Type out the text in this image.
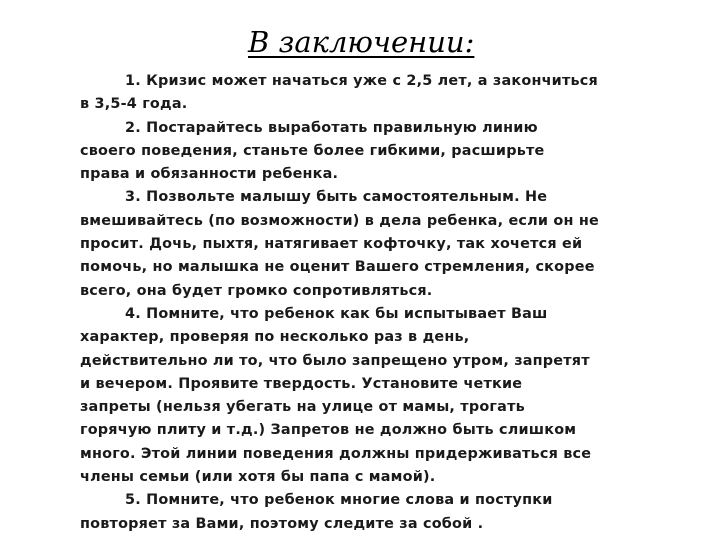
В заключении:

1. Кризис может начаться уже с 2,5 лет, а закончиться
в 3,5-4 года.

2. Постарайтесь выработать правильную линию
своего поведения, станьте более гибкими, расширьте
права и обязанности ребенка.

3. Позвольте малышу быть самостоятельным. Не
вмешивайтесь (по возможности) в дела ребенка, если он не
просит. Дочь, пыхтя, натягивает кофточку, так хочется ей
помочь, но малышка не оценит Вашего стремления, скорее
всего, она будет громко сопротивляться.

4. Помните, что ребенок как бы испытывает Ваш
характер, проверяя по несколько раз в день,
действительно ли то, что было запрещено утром, запретят
и вечером. Проявите твердость. Установите четкие
запреты (нельзя убегать на улице от мамы, трогать
горячую плиту и т.д.) Запретов не должно быть слишком
много. Этой линии поведения должны придерживаться все
члены семьи (или хотя бы папа с мамой).

5. Помните, что ребенок многие слова и поступки
повторяет за Вами, поэтому следите за собой .
